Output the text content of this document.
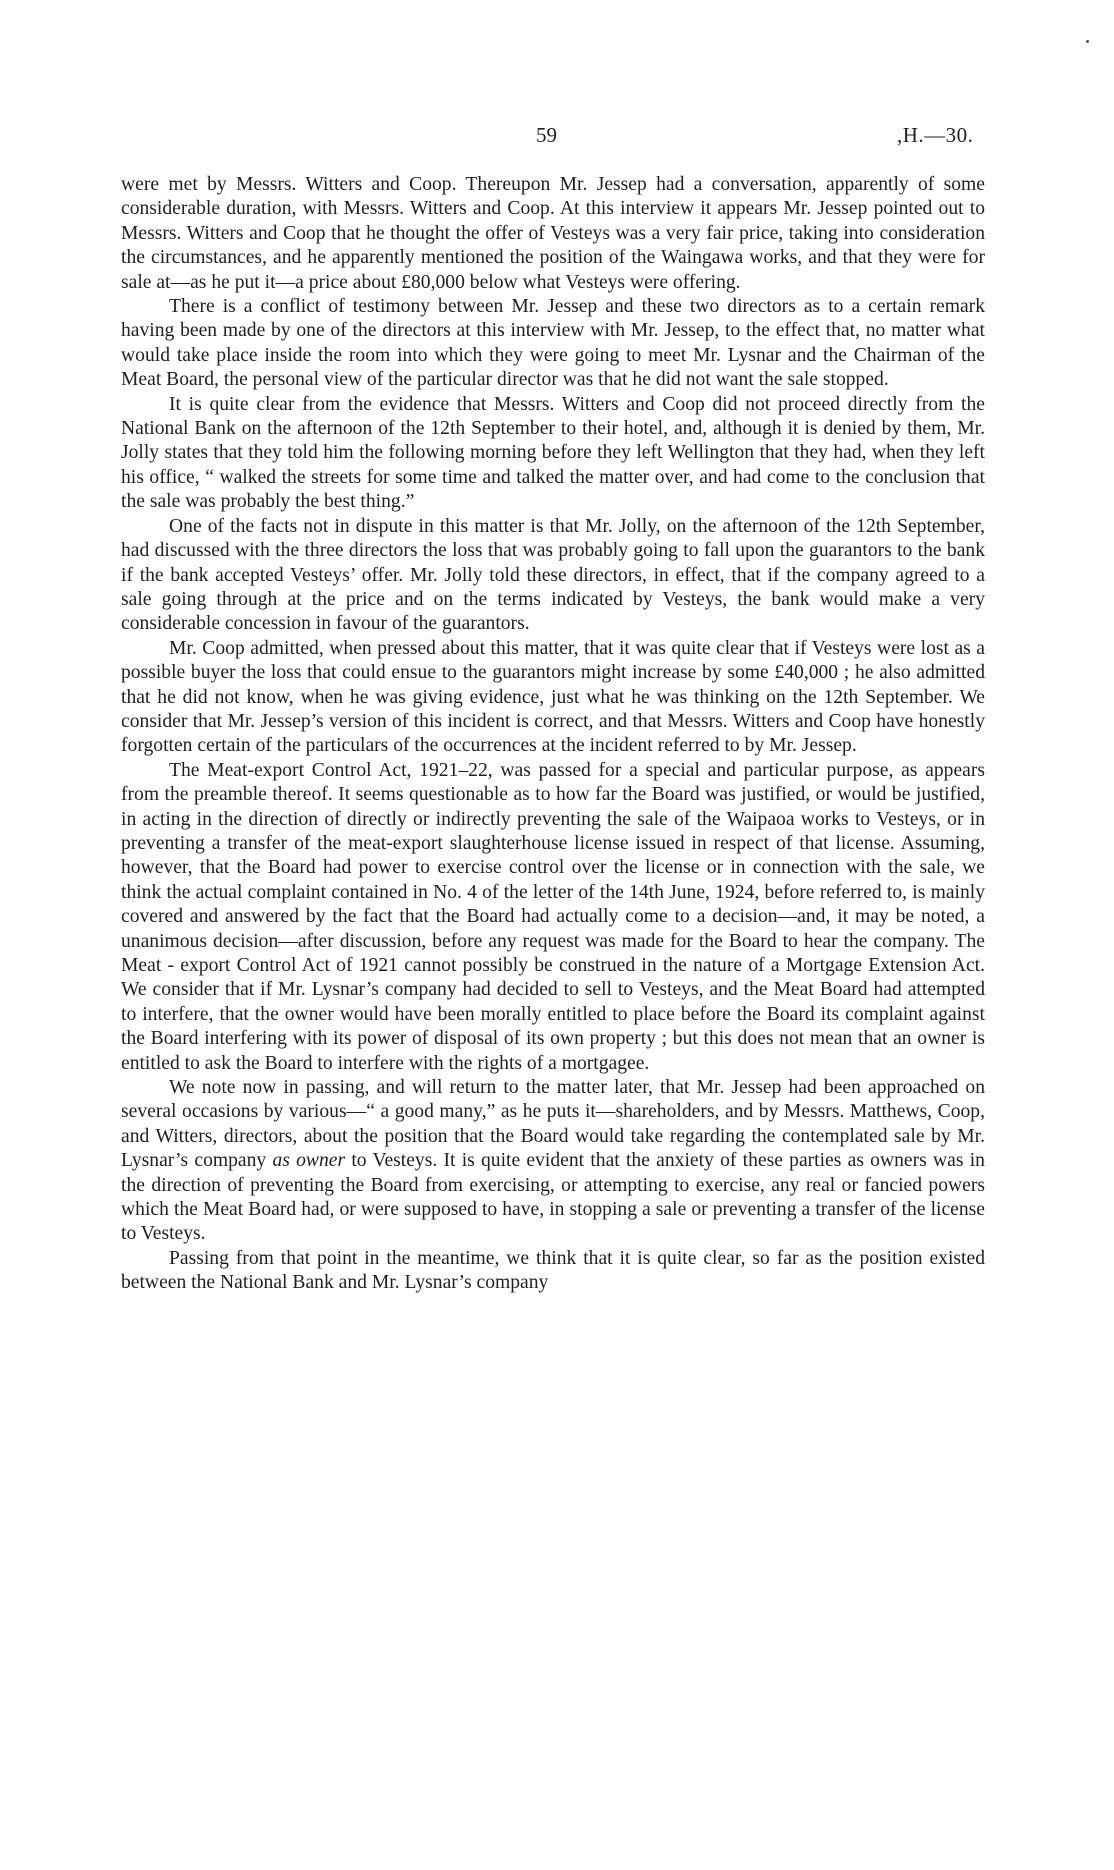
59	,H.—30.

were met by Messrs. Witters and Coop. Thereupon Mr. Jessep had a conversation, apparently of some considerable duration, with Messrs. Witters and Coop. At this interview it appears Mr. Jessep pointed out to Messrs. Witters and Coop that he thought the offer of Vesteys was a very fair price, taking into consideration the circumstances, and he apparently mentioned the position of the Waingawa works, and that they were for sale at—as he put it—a price about £80,000 below what Vesteys were offering.

There is a conflict of testimony between Mr. Jessep and these two directors as to a certain remark having been made by one of the directors at this interview with Mr. Jessep, to the effect that, no matter what would take place inside the room into which they were going to meet Mr. Lysnar and the Chairman of the Meat Board, the personal view of the particular director was that he did not want the sale stopped.

It is quite clear from the evidence that Messrs. Witters and Coop did not proceed directly from the National Bank on the afternoon of the 12th September to their hotel, and, although it is denied by them, Mr. Jolly states that they told him the following morning before they left Wellington that they had, when they left his office, “ walked the streets for some time and talked the matter over, and had come to the conclusion that the sale was probably the best thing.”

One of the facts not in dispute in this matter is that Mr. Jolly, on the afternoon of the 12th September, had discussed with the three directors the loss that was probably going to fall upon the guarantors to the bank if the bank accepted Vesteys’ offer. Mr. Jolly told these directors, in effect, that if the company agreed to a sale going through at the price and on the terms indicated by Vesteys, the bank would make a very considerable concession in favour of the guarantors.

Mr. Coop admitted, when pressed about this matter, that it was quite clear that if Vesteys were lost as a possible buyer the loss that could ensue to the guarantors might increase by some £40,000 ; he also admitted that he did not know, when he was giving evidence, just what he was thinking on the 12th September. We consider that Mr. Jessep’s version of this incident is correct, and that Messrs. Witters and Coop have honestly forgotten certain of the particulars of the occurrences at the incident referred to by Mr. Jessep.

The Meat-export Control Act, 1921–22, was passed for a special and particular purpose, as appears from the preamble thereof. It seems questionable as to how far the Board was justified, or would be justified, in acting in the direction of directly or indirectly preventing the sale of the Waipaoa works to Vesteys, or in preventing a transfer of the meat-export slaughterhouse license issued in respect of that license. Assuming, however, that the Board had power to exercise control over the license or in connection with the sale, we think the actual complaint contained in No. 4 of the letter of the 14th June, 1924, before referred to, is mainly covered and answered by the fact that the Board had actually come to a decision—and, it may be noted, a unanimous decision—after discussion, before any request was made for the Board to hear the company. The Meat - export Control Act of 1921 cannot possibly be construed in the nature of a Mortgage Extension Act. We consider that if Mr. Lysnar’s company had decided to sell to Vesteys, and the Meat Board had attempted to interfere, that the owner would have been morally entitled to place before the Board its complaint against the Board interfering with its power of disposal of its own property ; but this does not mean that an owner is entitled to ask the Board to interfere with the rights of a mortgagee.

We note now in passing, and will return to the matter later, that Mr. Jessep had been approached on several occasions by various—“ a good many,” as he puts it—shareholders, and by Messrs. Matthews, Coop, and Witters, directors, about the position that the Board would take regarding the contemplated sale by Mr. Lysnar’s company as owner to Vesteys. It is quite evident that the anxiety of these parties as owners was in the direction of preventing the Board from exercising, or attempting to exercise, any real or fancied powers which the Meat Board had, or were supposed to have, in stopping a sale or preventing a transfer of the license to Vesteys.

Passing from that point in the meantime, we think that it is quite clear, so far as the position existed between the National Bank and Mr. Lysnar’s company
